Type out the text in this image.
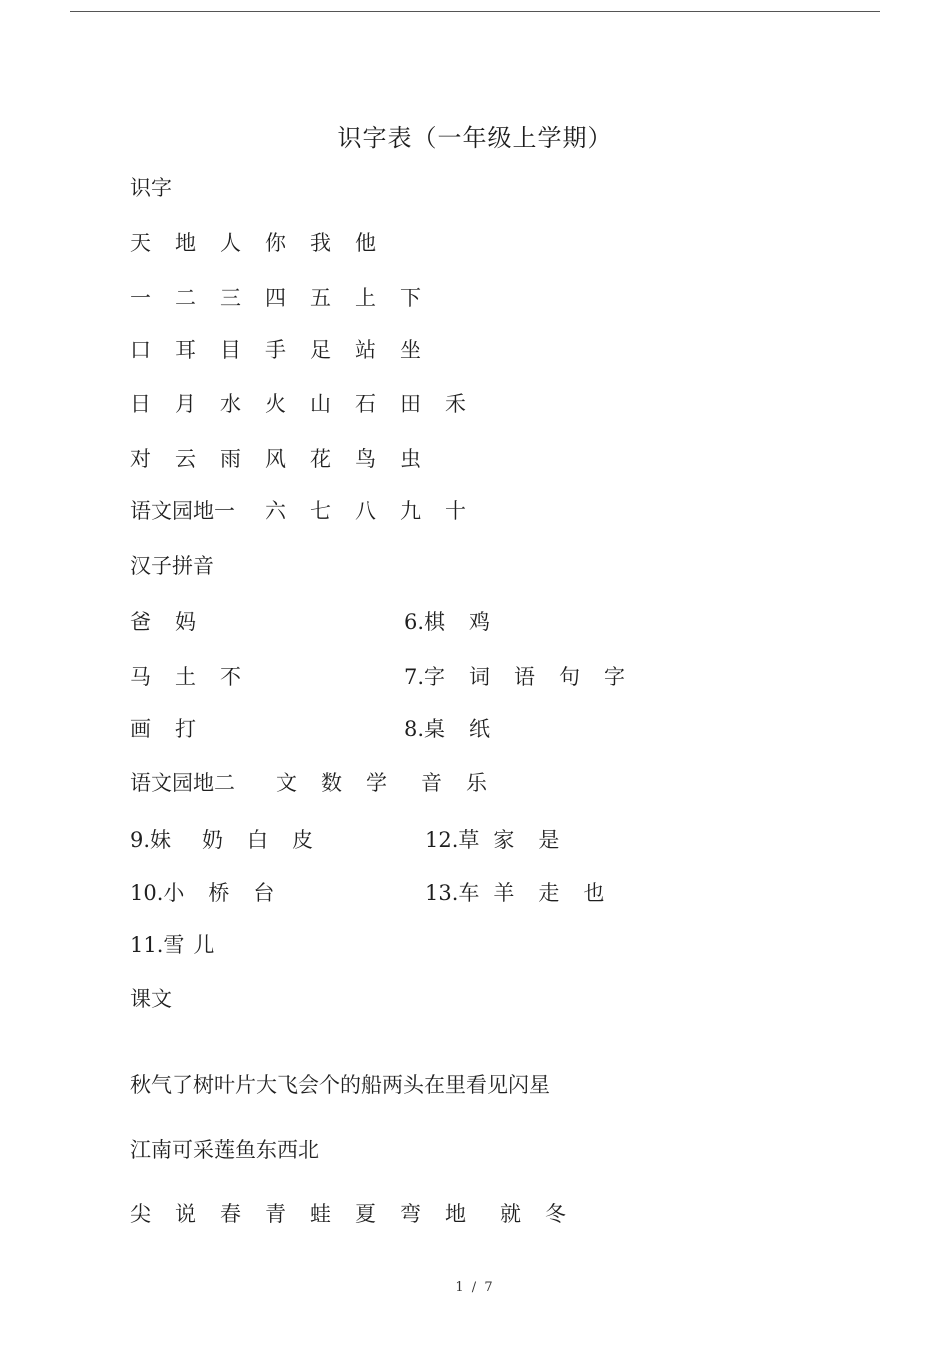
识字表（一年级上学期）
识字
天 地 人 你 我 他
一 二 三 四 五 上 下
口 耳 目 手 足 站 坐
日 月 水 火 山 石 田 禾
对 云 雨 风 花 鸟 虫
语文园地一 六 七 八 九 十
汉子拼音
爸 妈	6.棋 鸡
马 土 不	7.字 词 语 句 字
画 打	8.桌 纸
语文园地二 文 数 学 音 乐
9.妹 奶 白 皮	12.草 家 是
10.小 桥 台	13.车 羊 走 也
11.雪 儿
课文
秋气了树叶片大飞会个的船两头在里看见闪星
江南可采莲鱼东西北
尖 说 春 青 蛙 夏 弯 地 就 冬
1 / 7
